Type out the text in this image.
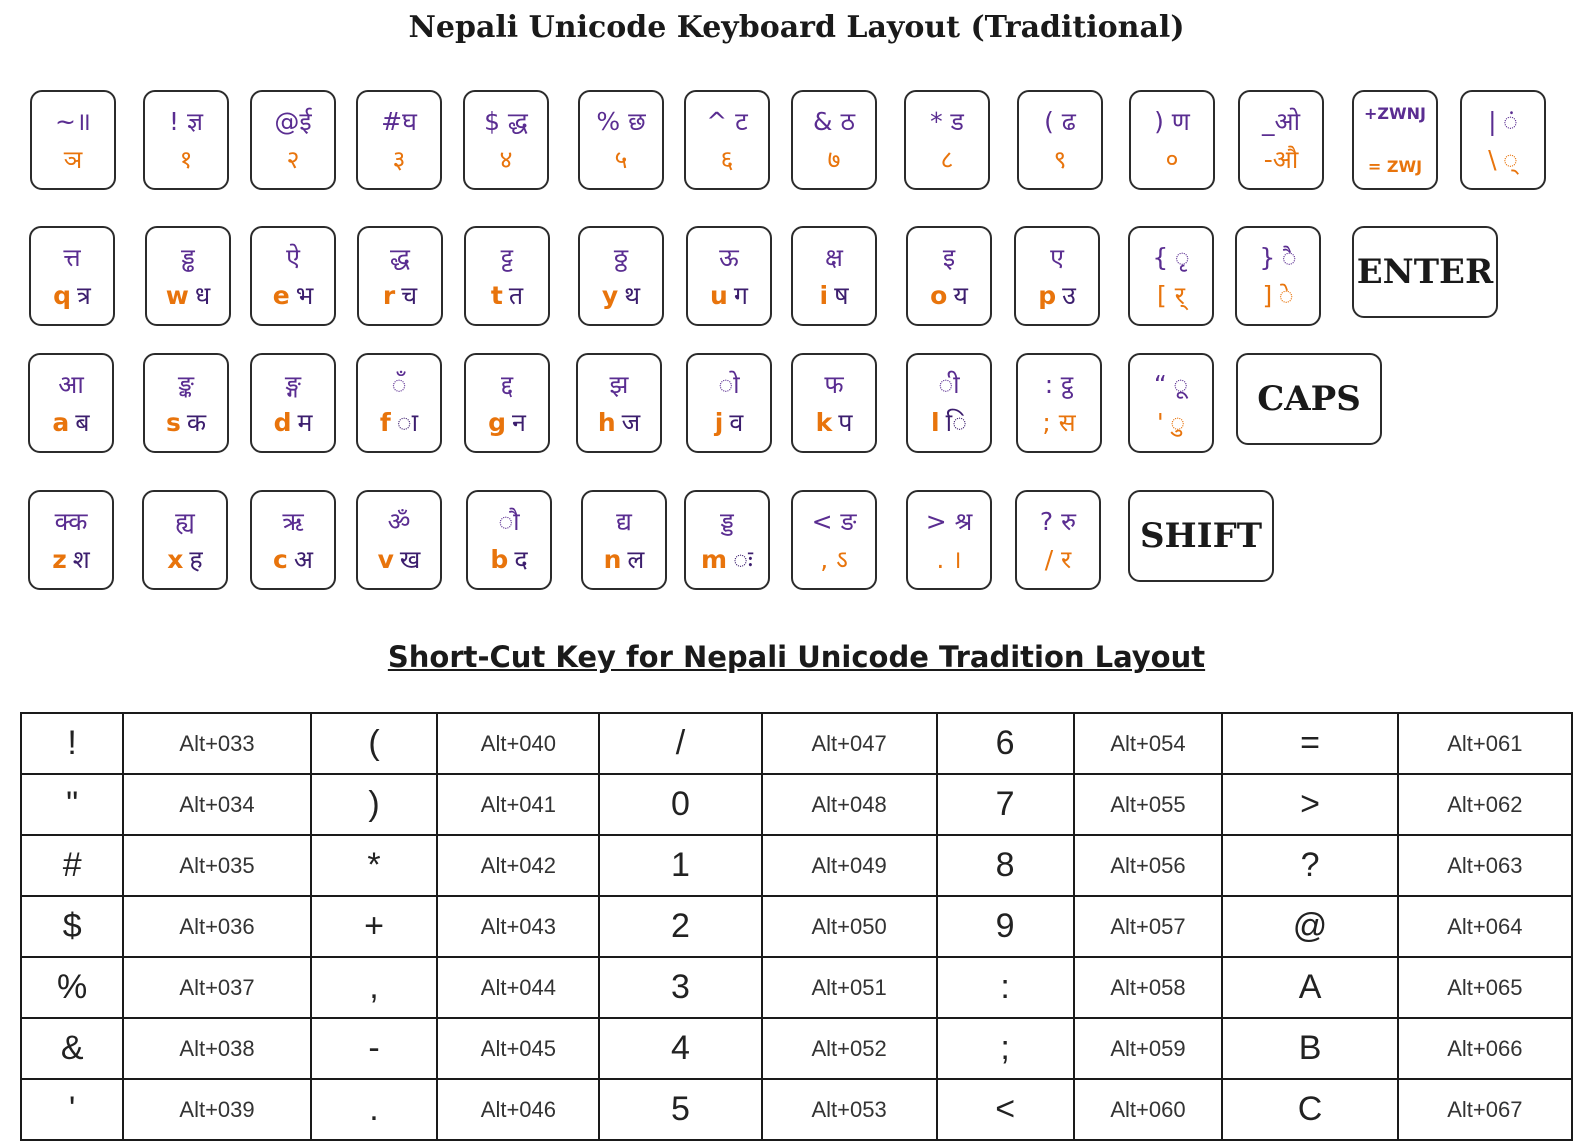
Nepali Unicode Keyboard Layout (Traditional)
~॥
ञ
! ज्ञ
१
@ई
२
#घ
३
$ द्ध
४
% छ
५
^ ट
६
& ठ
७
* ड
८
( ढ
९
) ण
०
_ओ
-औ
+ZWNJ
= ZWJ
| ं
\ ्
त्त
q त्र
ड्ढ
w ध
ऐ
e भ
द्ध
r च
ट्ट
t त
ठ्ठ
y थ
ऊ
u ग
क्ष
i ष
इ
o य
ए
p उ
{ ृ
[ र्
} ै
] े
ENTER
आ
a ब
ङ्क
s क
ङ्ग
d म
ँ
f ा
द्द
g न
झ
h ज
ो
j व
फ
k प
ी
l ि
: ट्ठ
; स
“ ू
' ु
CAPS
क्क
z श
ह्य
x ह
ऋ
c अ
ॐ
v ख
ौ
b द
द्य
n ल
ड्ड
m ः
< ङ
, ऽ
> श्र
. ।
? रु
/ र
SHIFT
Short-Cut Key for Nepali Unicode Tradition Layout
!	Alt+033	(	Alt+040	/	Alt+047	6	Alt+054	=	Alt+061
"	Alt+034	)	Alt+041	0	Alt+048	7	Alt+055	>	Alt+062
#	Alt+035	*	Alt+042	1	Alt+049	8	Alt+056	?	Alt+063
$	Alt+036	+	Alt+043	2	Alt+050	9	Alt+057	@	Alt+064
%	Alt+037	,	Alt+044	3	Alt+051	:	Alt+058	A	Alt+065
&	Alt+038	-	Alt+045	4	Alt+052	;	Alt+059	B	Alt+066
'	Alt+039	.	Alt+046	5	Alt+053	<	Alt+060	C	Alt+067
